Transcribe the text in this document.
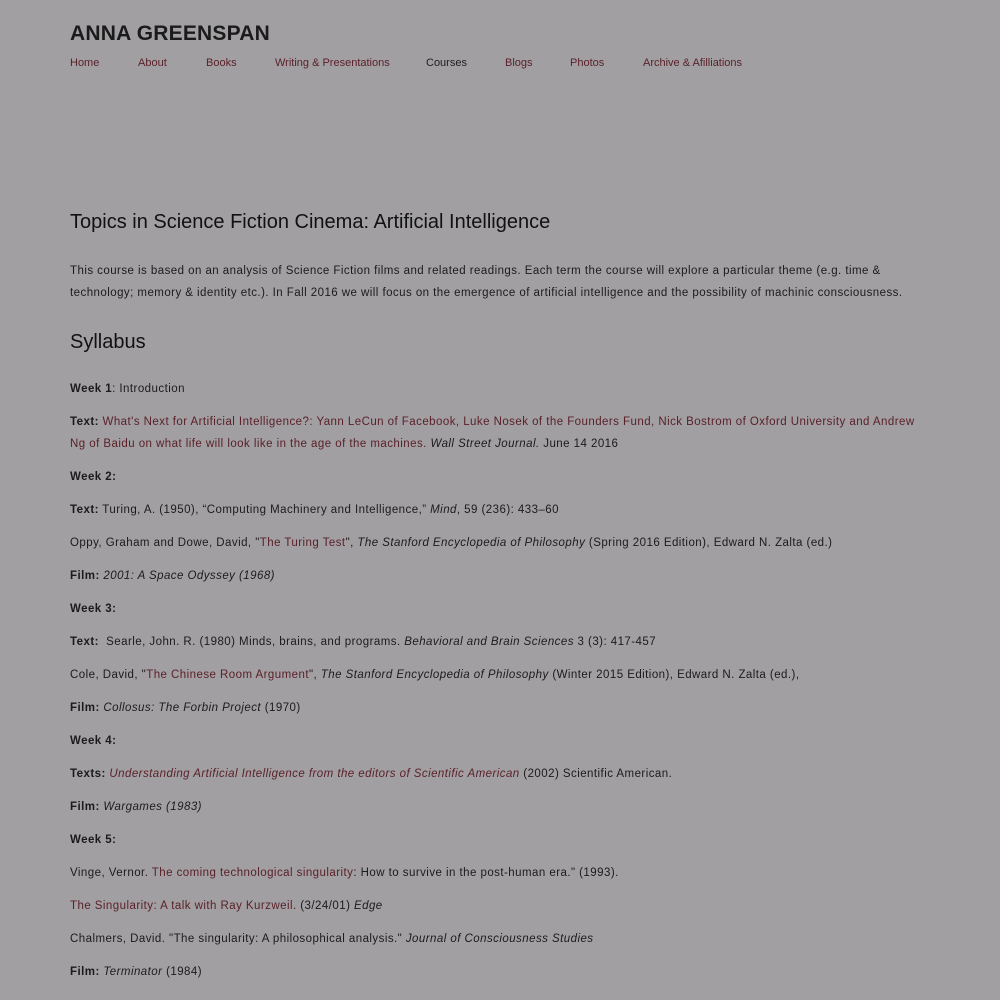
ANNA GREENSPAN
Home	About	Books	Writing & Presentations	Courses	Blogs	Photos	Archive & Afilliations
Topics in Science Fiction Cinema: Artificial Intelligence

This course is based on an analysis of Science Fiction films and related readings. Each term the course will explore a particular theme (e.g. time & technology; memory & identity etc.). In Fall 2016 we will focus on the emergence of artificial intelligence and the possibility of machinic consciousness.

Syllabus

Week 1: Introduction

Text: What's Next for Artificial Intelligence?: Yann LeCun of Facebook, Luke Nosek of the Founders Fund, Nick Bostrom of Oxford University and Andrew Ng of Baidu on what life will look like in the age of the machines. Wall Street Journal. June 14 2016

Week 2:

Text: Turing, A. (1950), “Computing Machinery and Intelligence,” Mind, 59 (236): 433–60

Oppy, Graham and Dowe, David, "The Turing Test", The Stanford Encyclopedia of Philosophy (Spring 2016 Edition), Edward N. Zalta (ed.)

Film: 2001: A Space Odyssey (1968)

Week 3:

Text:  Searle, John. R. (1980) Minds, brains, and programs. Behavioral and Brain Sciences 3 (3): 417-457

Cole, David, "The Chinese Room Argument", The Stanford Encyclopedia of Philosophy (Winter 2015 Edition), Edward N. Zalta (ed.),

Film: Collosus: The Forbin Project (1970)

Week 4:

Texts: Understanding Artificial Intelligence from the editors of Scientific American (2002) Scientific American.

Film: Wargames (1983)

Week 5:

Vinge, Vernor. The coming technological singularity: How to survive in the post-human era." (1993).

The Singularity: A talk with Ray Kurzweil. (3/24/01) Edge

Chalmers, David. "The singularity: A philosophical analysis." Journal of Consciousness Studies

Film: Terminator (1984)
